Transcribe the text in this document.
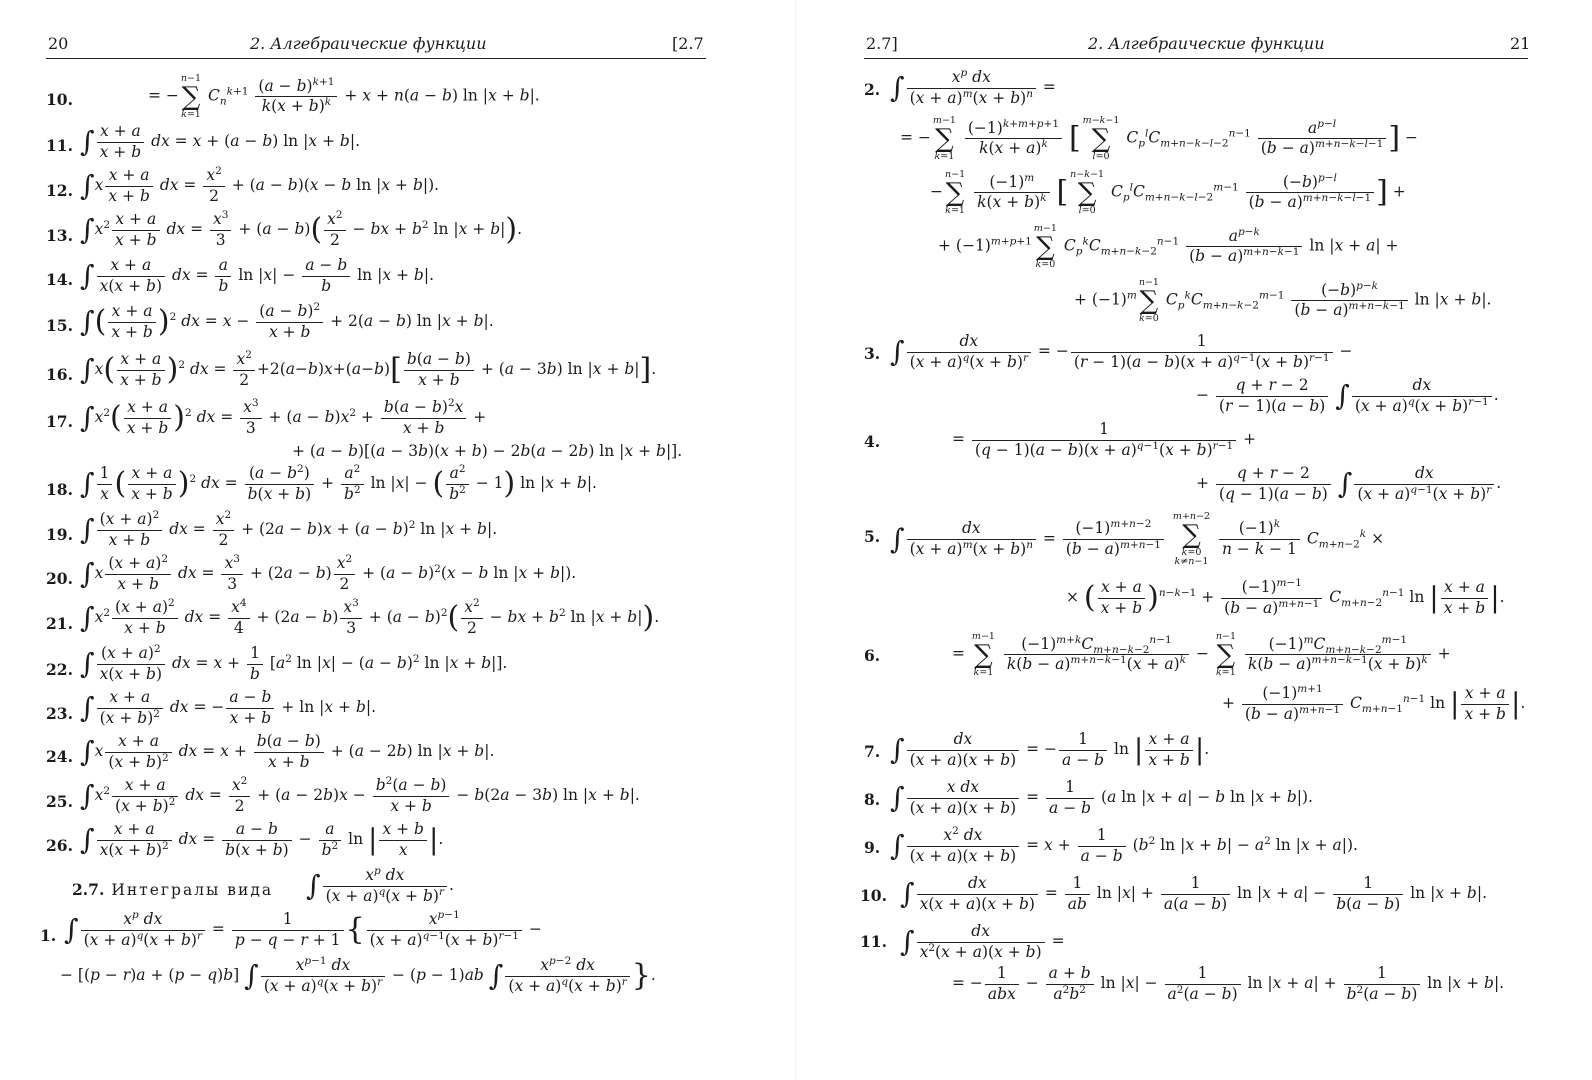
20	2. Алгебраические функции	[2.7
10.
11.
12.
13.
14.
15.
16.
17.
18.
19.
20.
21.
22.
23.
24.
25.
26.
= −n−1
∑
k=1 $C_n^{k+1} \frac{(a - b)^{k+1}}{k(x + b)^k} + x + n(a - b)$ ln |x + b|.
∫ $\frac{x + a}{x + b}$ dx = x + (a − b) ln |x + b|.
$\int x \frac{x + a}{x + b}$ dx = $\frac{x^2}{2} + (a - b)(x - b$ ln |x + b|).
$\int x^2 \frac{x + a}{x + b}$ dx = $\frac{x^3}{3} + (a - b)( \frac{x^2}{2}$ − bx + $b^2$ ln |x + b|).
∫ $\frac{x + a}{x(x + b)}$ dx = $\frac{a}{b}$ $\ln |x| - \frac{a - b}{b}$ ln |x + b|.
∫( $\frac{x + a}{x + b} )^2$ dx = $x - \frac{(a - b)^2}{x + b} + 2(a - b)$ ln |x + b|.
$\int x( \frac{x + a}{x + b} )^2$ dx = $\frac{x^2}{2} +2(a-b)x+(a-b)[ \frac{b(a - b)}{x + b} + (a - 3b)$ ln |x + b|].
$\int x^2( \frac{x + a}{x + b} )^2$ dx = $\frac{x^3}{3} + (a - b)x^2 + \frac{b(a - b)^2x}{x + b}$ +
+ (a − b)[(a − 3b)(x + b) − 2b(a − 2b) ln |x + b|].
∫ $\frac{1}{x}$ ( $\frac{x + a}{x + b} )^2$ dx = $\frac{(a - b^2)}{b(x + b)} + \frac{a^2}{b^2}$ ln |x| − ( $\frac{a^2}{b^2} - 1$) ln |x + b|.
∫ $\frac{(x + a)^2}{x + b}$ dx = $\frac{x^2}{2} + (2a - b)x + (a - b)^2$ ln |x + b|.
$\int x \frac{(x + a)^2}{x + b}$ dx = $\frac{x^3}{3} + (2a - b) \frac{x^2}{2} + (a - b)^2(x - b$ ln |x + b|).
$\int x^2 \frac{(x + a)^2}{x + b}$ dx = $\frac{x^4}{4} + (2a - b) \frac{x^3}{3} + (a - b)^2( \frac{x^2}{2}$ − bx + $b^2$ ln |x + b|).
∫ $\frac{(x + a)^2}{x(x + b)}$ dx = $x + \frac{1}{b} [a^2$ $\ln |x| - (a - b)^2$ ln |x + b|].
∫ $\frac{x + a}{(x + b)^2}$ dx = − $\frac{a - b}{x + b} + \ln |x + b|$.
$\int x \frac{x + a}{(x + b)^2}$ dx = $x + \frac{b(a - b)}{x + b} + (a - 2b)$ ln |x + b|.
$\int x^2 \frac{x + a}{(x + b)^2}$ dx = $\frac{x^2}{2} + (a - 2b)x - \frac{b^2(a - b)}{x + b} - b(2a - 3b)$ ln |x + b|.
∫ $\frac{x + a}{x(x + b)^2}$ dx = $\frac{a - b}{b(x + b)} - \frac{a}{b^2}$ ln | $\frac{x + b}{x}$ |.
2.7. Интегралы вида ∫ $\frac{x^p dx}{(x + a)^q(x + b)^r}$ .
1. ∫ $\frac{x^p dx}{(x + a)^q(x + b)^r} = \frac{1}{p - q - r + 1}$ { $\frac{x^{p-1}}{(x + a)^{q-1}(x + b)^{r-1}}$ −
− [(p − r)a + (p − q)b] ∫ $\frac{x^{p-1} dx}{(x + a)^q(x + b)^r} - (p - 1)ab$ ∫ $\frac{x^{p-2} dx}{(x + a)^q(x + b)^r}$ }.
2.7]	2. Алгебраические функции	21
2.
3.
4.
5.
6.
7.
8.
9.
10.
11.
∫ $\frac{x^p dx}{(x + a)^m(x + b)^n}$ =
= −m−1
∑
$k=1 \frac{(-1)^{k+m+p+1}}{k(x + a)^k}$ [ m−k−1
∑
l=0 $C_p^lC_{m+n-k-l-2}^{n-1} \frac{a^{p-l}}{(b - a)^{m+n-k-l-1}}$ ] −
−n−1
∑
$k=1 \frac{(-1)^m}{k(x + b)^k}$ [ n−k−1
∑
l=0 $C_p^lC_{m+n-k-l-2}^{m-1} \frac{(-b)^{p-l}}{(b - a)^{m+n-k-l-1}}$ ] +
+ $(-1)^{m+p+1}m-1$
∑
k=0 $C_p^kC_{m+n-k-2}^{n-1} \frac{a^{p-k}}{(b - a)^{m+n-k-1}}$ ln |x + a| +
+ $(-1)^mn-1$
∑
k=0 $C_p^kC_{m+n-k-2}^{m-1} \frac{(-b)^{p-k}}{(b - a)^{m+n-k-1}}$ ln |x + b|.
∫ $\frac{dx}{(x + a)^q(x + b)^r}$ = − $\frac{1}{(r - 1)(a - b)(x + a)^{q-1}(x + b)^{r-1}}$ −
− $\frac{q + r - 2}{(r - 1)(a - b)}$ ∫ $\frac{dx}{(x + a)^q(x + b)^{r-1}}$ .
= $\frac{1}{(q - 1)(a - b)(x + a)^{q-1}(x + b)^{r-1}}$ +
+ $\frac{q + r - 2}{(q - 1)(a - b)}$ ∫ $\frac{dx}{(x + a)^{q-1}(x + b)^r}$ .
∫ $\frac{dx}{(x + a)^m(x + b)^n} = \frac{(-1)^{m+n-2}}{(b - a)^{m+n-1}}$
m+n−2
∑
k=0
k≠n−1
$\frac{(-1)^k}{n - k - 1} C_{m+n-2}^k$ ×
× ( $\frac{x + a}{x + b} )^{n-k-1} + \frac{(-1)^{m-1}}{(b - a)^{m+n-1}} C_{m+n-2}^{n-1}$ ln | $\frac{x + a}{x + b}$ |.
= m−1
∑
$k=1 \frac{(-1)^{m+k}C_{m+n-k-2}^{n-1}}{k(b - a)^{m+n-k-1}(x + a)^k} - n-1$
∑
$k=1 \frac{(-1)^mC_{m+n-k-2}^{m-1}}{k(b - a)^{m+n-k-1}(x + b)^k}$ +
+ $\frac{(-1)^{m+1}}{(b - a)^{m+n-1}} C_{m+n-1}^{n-1}$ ln | $\frac{x + a}{x + b}$ |.
∫ $\frac{dx}{(x + a)(x + b)}$ = − $\frac{1}{a - b}$ ln | $\frac{x + a}{x + b}$ |.
∫ $\frac{\text{x dx}}{(x + a)(x + b)} = \frac{1}{a - b} (a$ ln |x + a| − b ln |x + b|).
∫ $\frac{x^2 dx}{(x + a)(x + b)} = x + \frac{1}{a - b} (b^2$ $\ln |x + b| - a^2$ ln |x + a|).
∫ $\frac{dx}{x(x + a)(x + b)} = \frac{1}{ab}$ $\ln |x| + \frac{1}{a(a - b)}$ $\ln |x + a| - \frac{1}{b(a - b)}$ ln |x + b|.
∫ $\frac{dx}{x^2(x + a)(x + b)}$ =
= − $\frac{1}{\text{abx}} - \frac{a + b}{a^2b^2}$ $\ln |x| - \frac{1}{a^2(a - b)}$ $\ln |x + a| + \frac{1}{b^2(a - b)}$ ln |x + b|.
